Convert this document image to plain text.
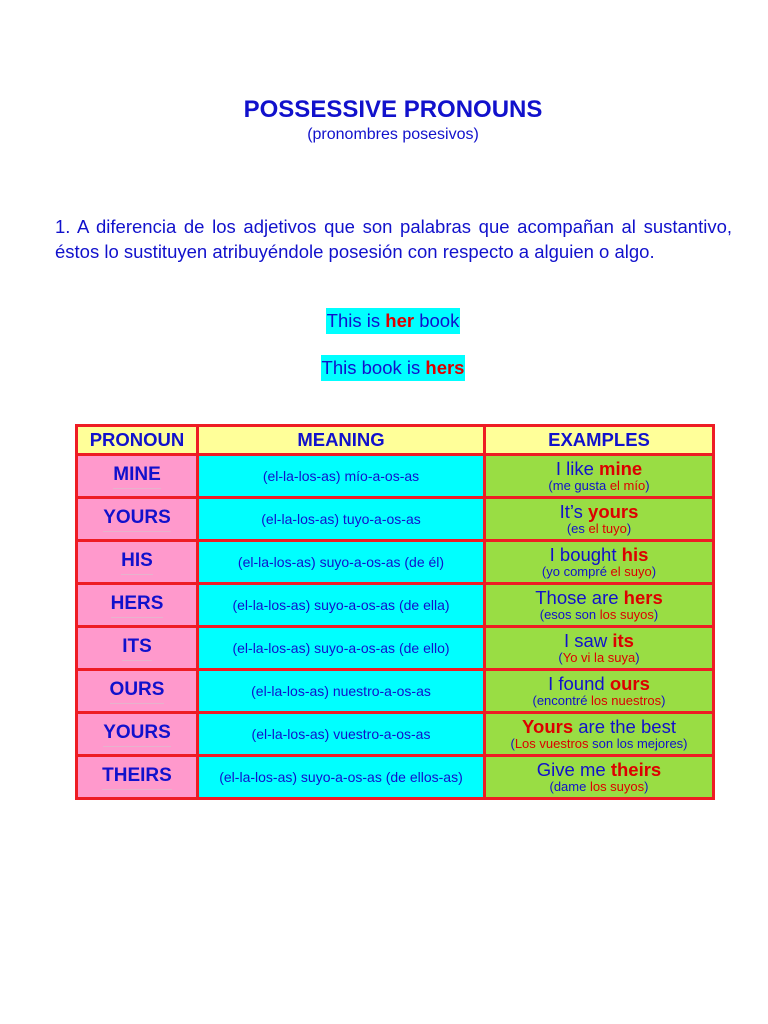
POSSESSIVE PRONOUNS
(pronombres posesivos)
1. A diferencia de los adjetivos que son palabras que acompañan al sustantivo, éstos lo sustituyen atribuyéndole posesión con respecto a alguien o algo.
This is her book
This book is hers
PRONOUN	MEANING	EXAMPLES
MINE	(el-la-los-as) mío-a-os-as	I like mine
(me gusta el mío)

YOURS	(el-la-los-as) tuyo-a-os-as	It’s yours
(es el tuyo)

HIS	(el-la-los-as) suyo-a-os-as (de él)	I bought his
(yo compré el suyo)

HERS	(el-la-los-as) suyo-a-os-as (de ella)	Those are hers
(esos son los suyos)

ITS	(el-la-los-as) suyo-a-os-as (de ello)	I saw its
(Yo vi la suya)

OURS	(el-la-los-as) nuestro-a-os-as	I found ours
(encontré los nuestros)

YOURS	(el-la-los-as) vuestro-a-os-as	Yours are the best
(Los vuestros son los mejores)

THEIRS	(el-la-los-as) suyo-a-os-as (de ellos-as)	Give me theirs
(dame los suyos)
